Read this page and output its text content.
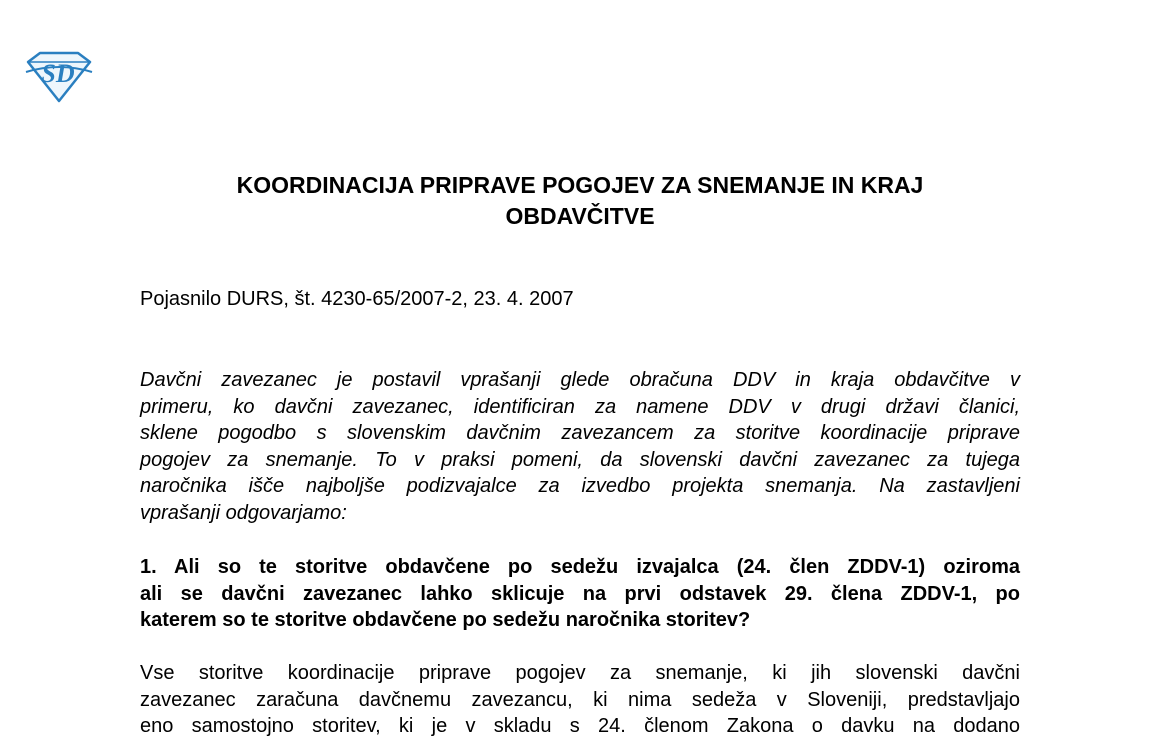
SD
KOORDINACIJA PRIPRAVE POGOJEV ZA SNEMANJE IN KRAJ
OBDAVČITVE
Pojasnilo DURS, št. 4230-65/2007-2, 23. 4. 2007
Davčni zavezanec je postavil vprašanji glede obračuna DDV in kraja obdavčitve v
primeru, ko davčni zavezanec, identificiran za namene DDV v drugi državi članici,
sklene pogodbo s slovenskim davčnim zavezancem za storitve koordinacije priprave
pogojev za snemanje. To v praksi pomeni, da slovenski davčni zavezanec za tujega
naročnika išče najboljše podizvajalce za izvedbo projekta snemanja. Na zastavljeni
vprašanji odgovarjamo:
1. Ali so te storitve obdavčene po sedežu izvajalca (24. člen ZDDV-1) oziroma
ali se davčni zavezanec lahko sklicuje na prvi odstavek 29. člena ZDDV-1, po
katerem so te storitve obdavčene po sedežu naročnika storitev?
Vse storitve koordinacije priprave pogojev za snemanje, ki jih slovenski davčni
zavezanec zaračuna davčnemu zavezancu, ki nima sedeža v Sloveniji, predstavljajo
eno samostojno storitev, ki je v skladu s 24. členom Zakona o davku na dodano
